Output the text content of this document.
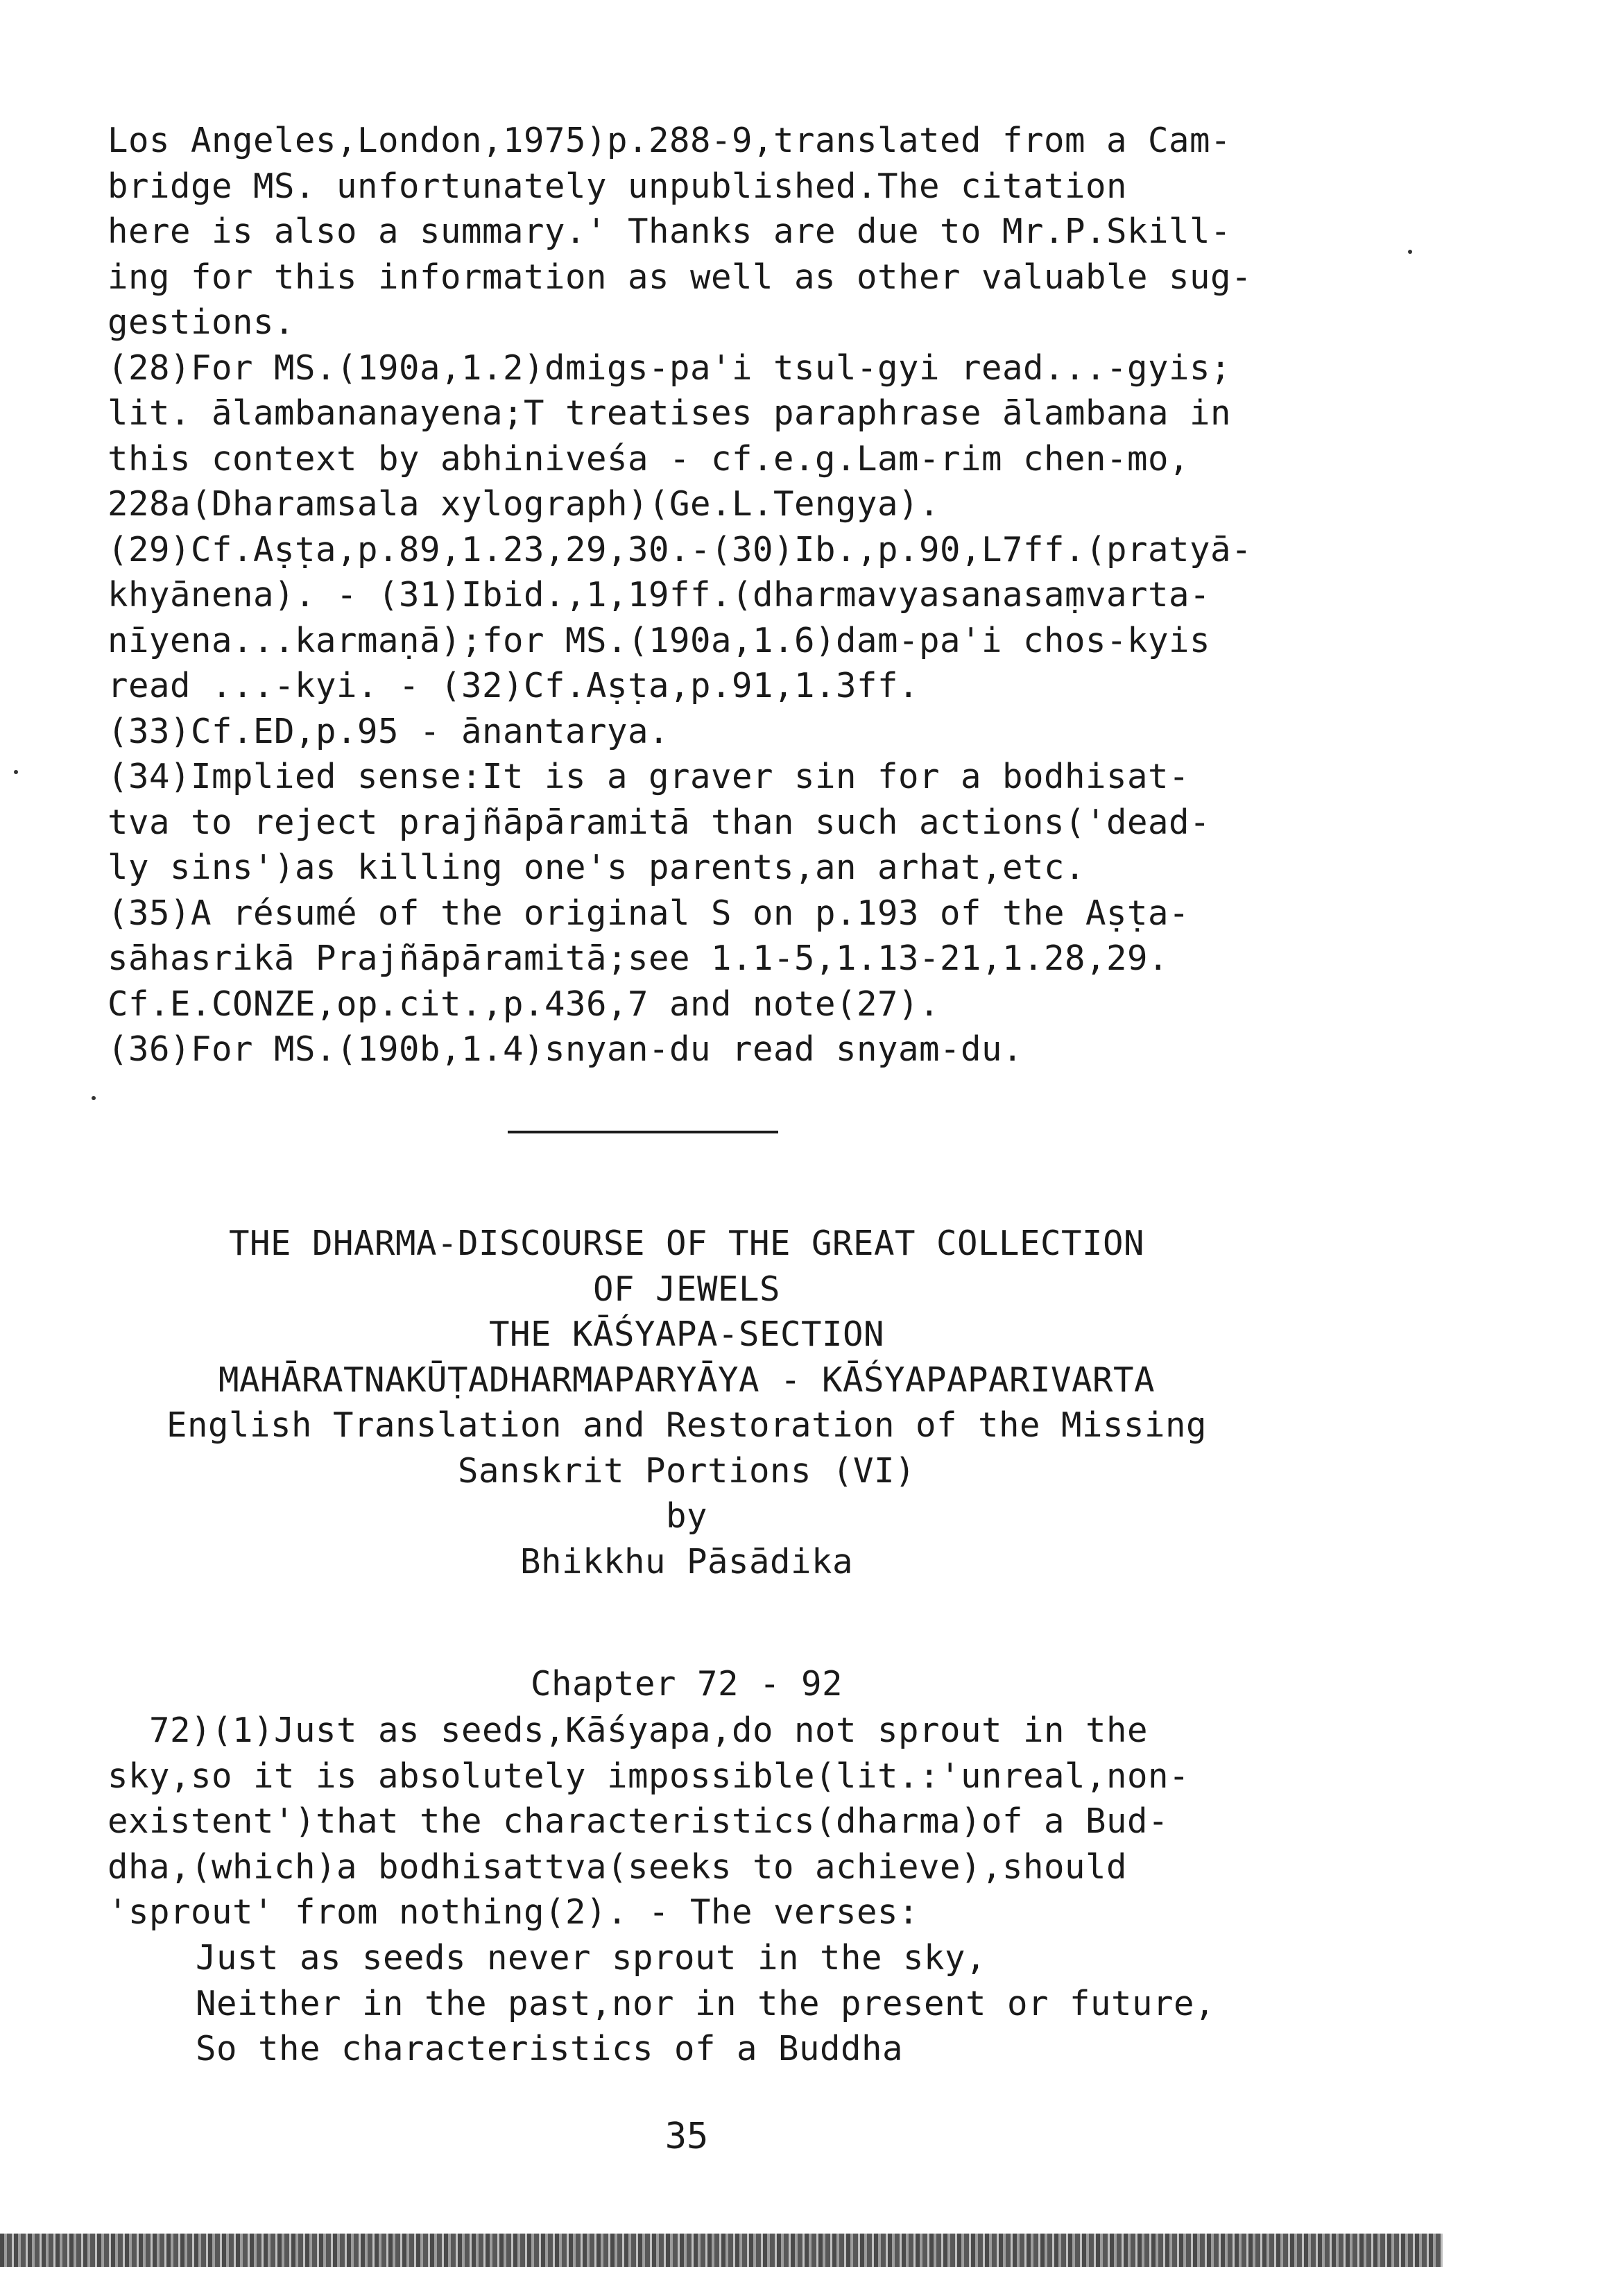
Los Angeles,London,1975)p.288-9,translated from a Cam-
bridge MS. unfortunately unpublished.The citation
here is also a summary.' Thanks are due to Mr.P.Skill-
ing for this information as well as other valuable sug-
gestions.
(28)For MS.(190a,1.2)dmigs-pa'i tsul-gyi read...-gyis;
lit. ālambananayena;T treatises paraphrase ālambana in
this context by abhiniveśa - cf.e.g.Lam-rim chen-mo,
228a(Dharamsala xylograph)(Ge.L.Tengya).
(29)Cf.Aṣṭa,p.89,1.23,29,30.-(30)Ib.,p.90,L7ff.(pratyā-
khyānena). - (31)Ibid.,1,19ff.(dharmavyasanasaṃvarta-
nīyena...karmaṇā);for MS.(190a,1.6)dam-pa'i chos-kyis
read ...-kyi. - (32)Cf.Aṣṭa,p.91,1.3ff.
(33)Cf.ED,p.95 - ānantarya.
(34)Implied sense:It is a graver sin for a bodhisat-
tva to reject prajñāpāramitā than such actions('dead-
ly sins')as killing one's parents,an arhat,etc.
(35)A résumé of the original S on p.193 of the Aṣṭa-
sāhasrikā Prajñāpāramitā;see 1.1-5,1.13-21,1.28,29.
Cf.E.CONZE,op.cit.,p.436,7 and note(27).
(36)For MS.(190b,1.4)snyan-du read snyam-du.
THE DHARMA-DISCOURSE OF THE GREAT COLLECTION
OF JEWELS
THE KĀŚYAPA-SECTION
MAHĀRATNAKŪṬADHARMAPARYĀYA - KĀŚYAPAPARIVARTA
English Translation and Restoration of the Missing
Sanskrit Portions (VI)
by
Bhikkhu Pāsādika
Chapter 72 - 92
72)(1)Just as seeds,Kāśyapa,do not sprout in the
sky,so it is absolutely impossible(lit.:'unreal,non-
existent')that the characteristics(dharma)of a Bud-
dha,(which)a bodhisattva(seeks to achieve),should
'sprout' from nothing(2). - The verses:
Just as seeds never sprout in the sky,
Neither in the past,nor in the present or future,
So the characteristics of a Buddha
35
